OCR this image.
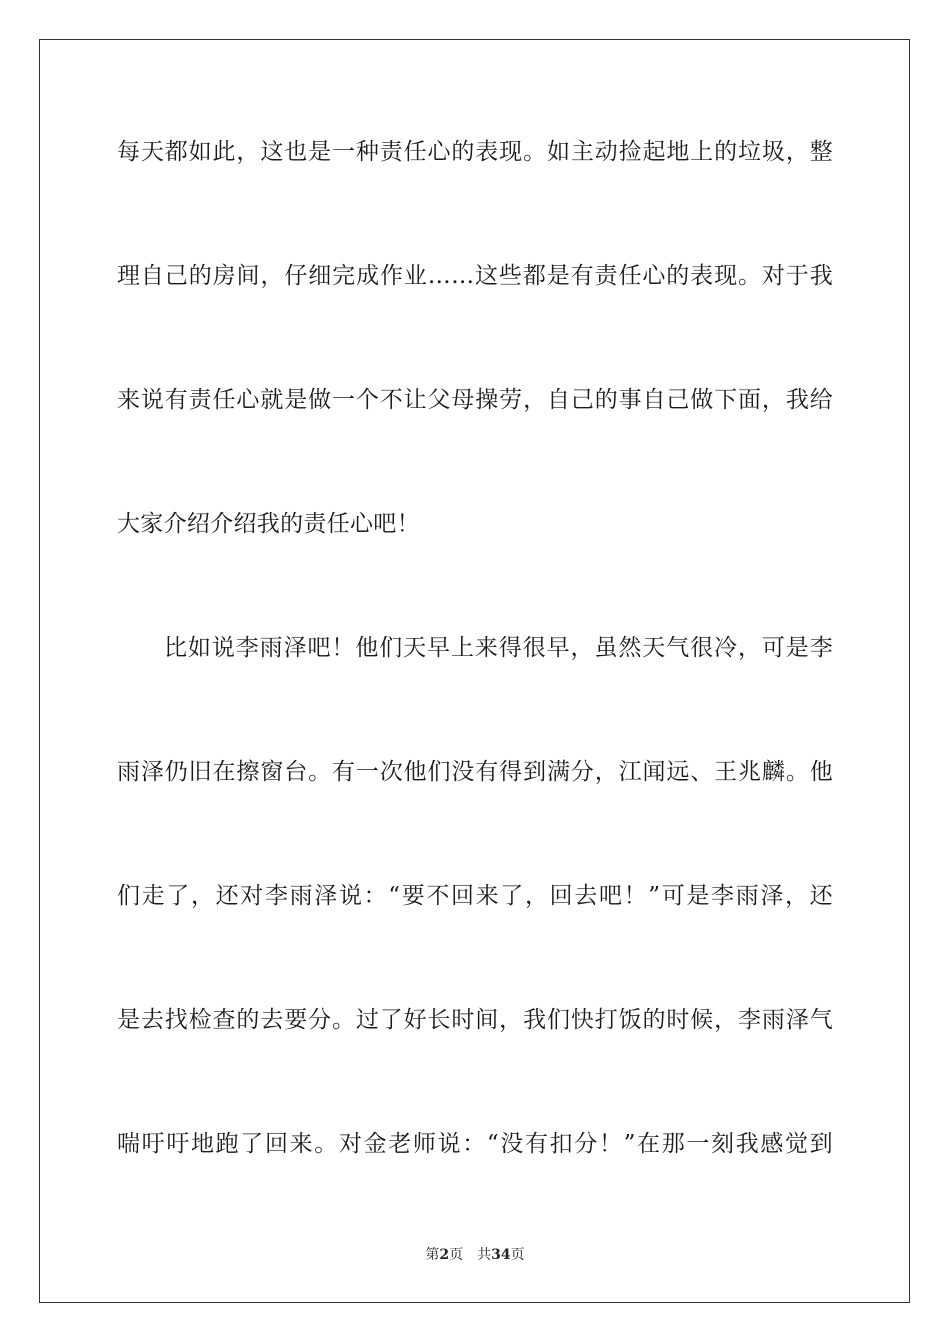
每天都如此，这也是一种责任心的表现。如主动捡起地上的垃圾，整
理自己的房间，仔细完成作业……这些都是有责任心的表现。对于我
来说有责任心就是做一个不让父母操劳，自己的事自己做下面，我给
大家介绍介绍我的责任心吧！
比如说李雨泽吧！他们天早上来得很早，虽然天气很冷，可是李
雨泽仍旧在擦窗台。有一次他们没有得到满分，江闻远、王兆麟。他
们走了，还对李雨泽说：“要不回来了，回去吧！”可是李雨泽，还
是去找检查的去要分。过了好长时间，我们快打饭的时候，李雨泽气
喘吁吁地跑了回来。对金老师说：“没有扣分！”在那一刻我感觉到
第2页 共34页
